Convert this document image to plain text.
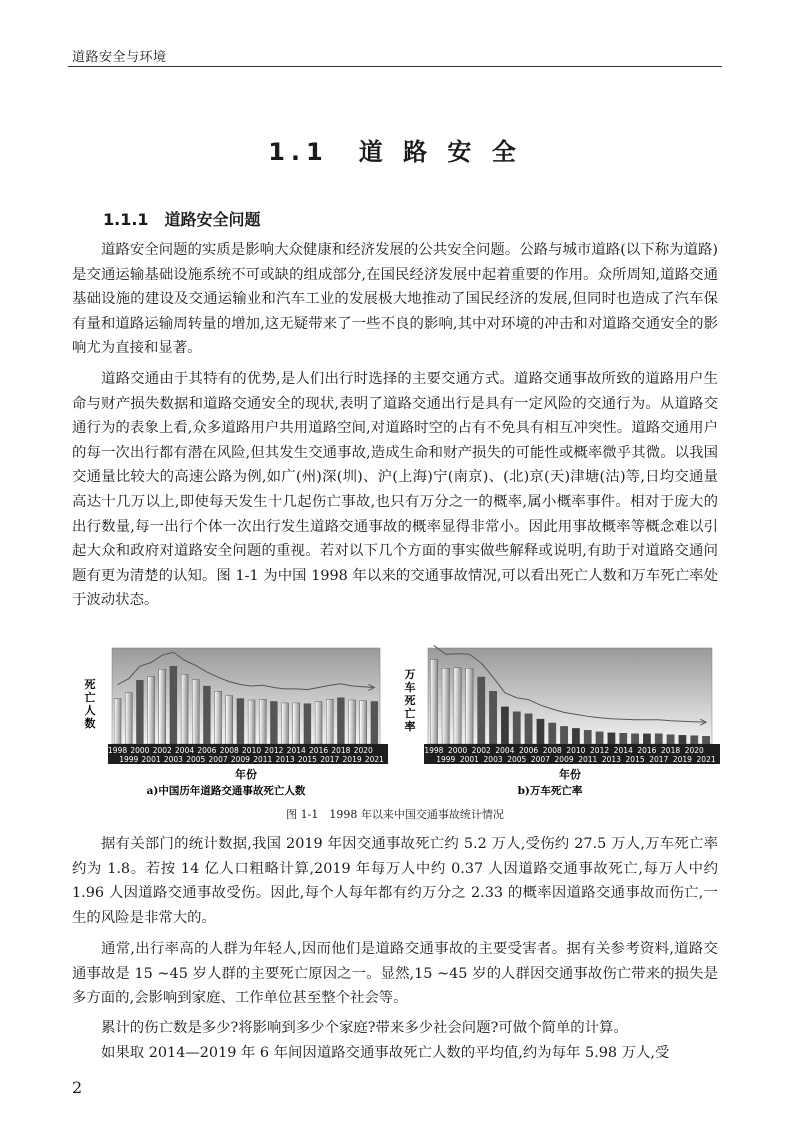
道路安全与环境
1.1　道 路 安 全
1.1.1　道路安全问题

道路安全问题的实质是影响大众健康和经济发展的公共安全问题。公路与城市道路(以下称为道路)是交通运输基础设施系统不可或缺的组成部分,在国民经济发展中起着重要的作用。众所周知,道路交通基础设施的建设及交通运输业和汽车工业的发展极大地推动了国民经济的发展,但同时也造成了汽车保有量和道路运输周转量的增加,这无疑带来了一些不良的影响,其中对环境的冲击和对道路交通安全的影响尤为直接和显著。

道路交通由于其特有的优势,是人们出行时选择的主要交通方式。道路交通事故所致的道路用户生命与财产损失数据和道路交通安全的现状,表明了道路交通出行是具有一定风险的交通行为。从道路交通行为的表象上看,众多道路用户共用道路空间,对道路时空的占有不免具有相互冲突性。道路交通用户的每一次出行都有潜在风险,但其发生交通事故,造成生命和财产损失的可能性或概率微乎其微。以我国交通量比较大的高速公路为例,如广(州)深(圳)、沪(上海)宁(南京)、(北)京(天)津塘(沽)等,日均交通量高达十几万以上,即使每天发生十几起伤亡事故,也只有万分之一的概率,属小概率事件。相对于庞大的出行数量,每一出行个体一次出行发生道路交通事故的概率显得非常小。因此用事故概率等概念难以引起大众和政府对道路安全问题的重视。若对以下几个方面的事实做些解释或说明,有助于对道路交通问题有更为清楚的认知。图 1-1 为中国 1998 年以来的交通事故情况,可以看出死亡人数和万车死亡率处于波动状态。

死
亡
人
数
1998 2000 2002 2004 2006 2008 2010 2012 2014 2016 2018 2020
1999 2001 2003 2005 2007 2009 2011 2013 2015 2017 2019 2021
年份
a)中国历年道路交通事故死亡人数
万
车
死
亡
率
1998 2000 2002 2004 2006 2008 2010 2012 2014 2016 2018 2020
1999 2001 2003 2005 2007 2009 2011 2013 2015 2017 2019 2021
年份
b)万车死亡率
图 1-1　1998 年以来中国交通事故统计情况

据有关部门的统计数据,我国 2019 年因交通事故死亡约 5.2 万人,受伤约 27.5 万人,万车死亡率约为 1.8。若按 14 亿人口粗略计算,2019 年每万人中约 0.37 人因道路交通事故死亡,每万人中约 1.96 人因道路交通事故受伤。因此,每个人每年都有约万分之 2.33 的概率因道路交通事故而伤亡,一生的风险是非常大的。

通常,出行率高的人群为年轻人,因而他们是道路交通事故的主要受害者。据有关参考资料,道路交通事故是 15 ~45 岁人群的主要死亡原因之一。显然,15 ~45 岁的人群因交通事故伤亡带来的损失是多方面的,会影响到家庭、工作单位甚至整个社会等。

累计的伤亡数是多少?将影响到多少个家庭?带来多少社会问题?可做个简单的计算。

如果取 2014—2019 年 6 年间因道路交通事故死亡人数的平均值,约为每年 5.98 万人,受

2
